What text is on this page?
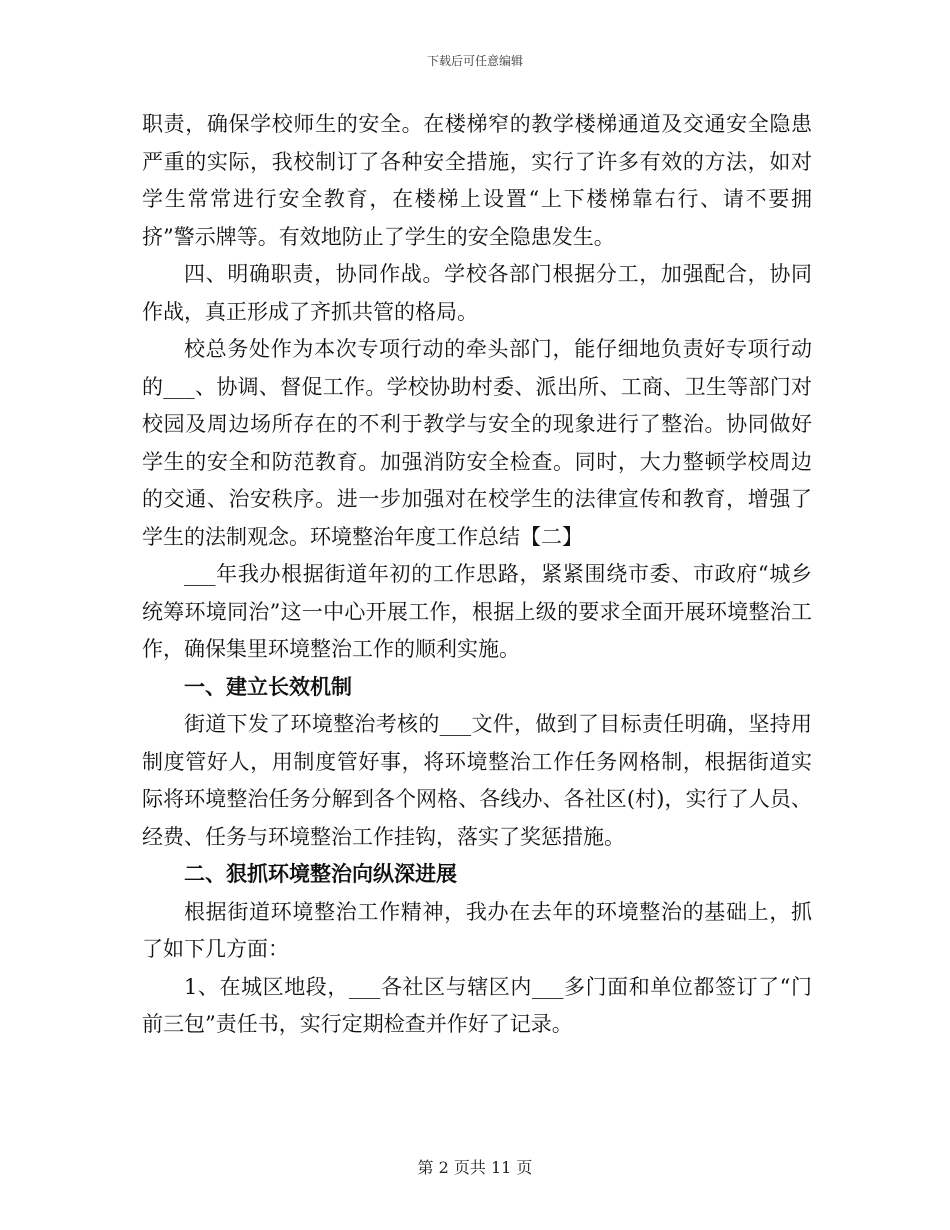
下载后可任意编辑

职责，确保学校师生的安全。在楼梯窄的教学楼梯通道及交通安全隐患严重的实际，我校制订了各种安全措施，实行了许多有效的方法，如对学生常常进行安全教育，在楼梯上设置“上下楼梯靠右行、请不要拥挤”警示牌等。有效地防止了学生的安全隐患发生。

四、明确职责，协同作战。学校各部门根据分工，加强配合，协同作战，真正形成了齐抓共管的格局。

校总务处作为本次专项行动的牵头部门，能仔细地负责好专项行动的___、协调、督促工作。学校协助村委、派出所、工商、卫生等部门对校园及周边场所存在的不利于教学与安全的现象进行了整治。协同做好学生的安全和防范教育。加强消防安全检查。同时，大力整顿学校周边的交通、治安秩序。进一步加强对在校学生的法律宣传和教育，增强了学生的法制观念。环境整治年度工作总结【二】

___年我办根据街道年初的工作思路，紧紧围绕市委、市政府“城乡统筹环境同治”这一中心开展工作，根据上级的要求全面开展环境整治工作，确保集里环境整治工作的顺利实施。

一、建立长效机制

街道下发了环境整治考核的___文件，做到了目标责任明确，坚持用制度管好人，用制度管好事，将环境整治工作任务网格制，根据街道实际将环境整治任务分解到各个网格、各线办、各社区(村)，实行了人员、经费、任务与环境整治工作挂钩，落实了奖惩措施。

二、狠抓环境整治向纵深进展

根据街道环境整治工作精神，我办在去年的环境整治的基础上，抓了如下几方面：

1、在城区地段，___各社区与辖区内___多门面和单位都签订了“门前三包”责任书，实行定期检查并作好了记录。

第 2 页共 11 页
